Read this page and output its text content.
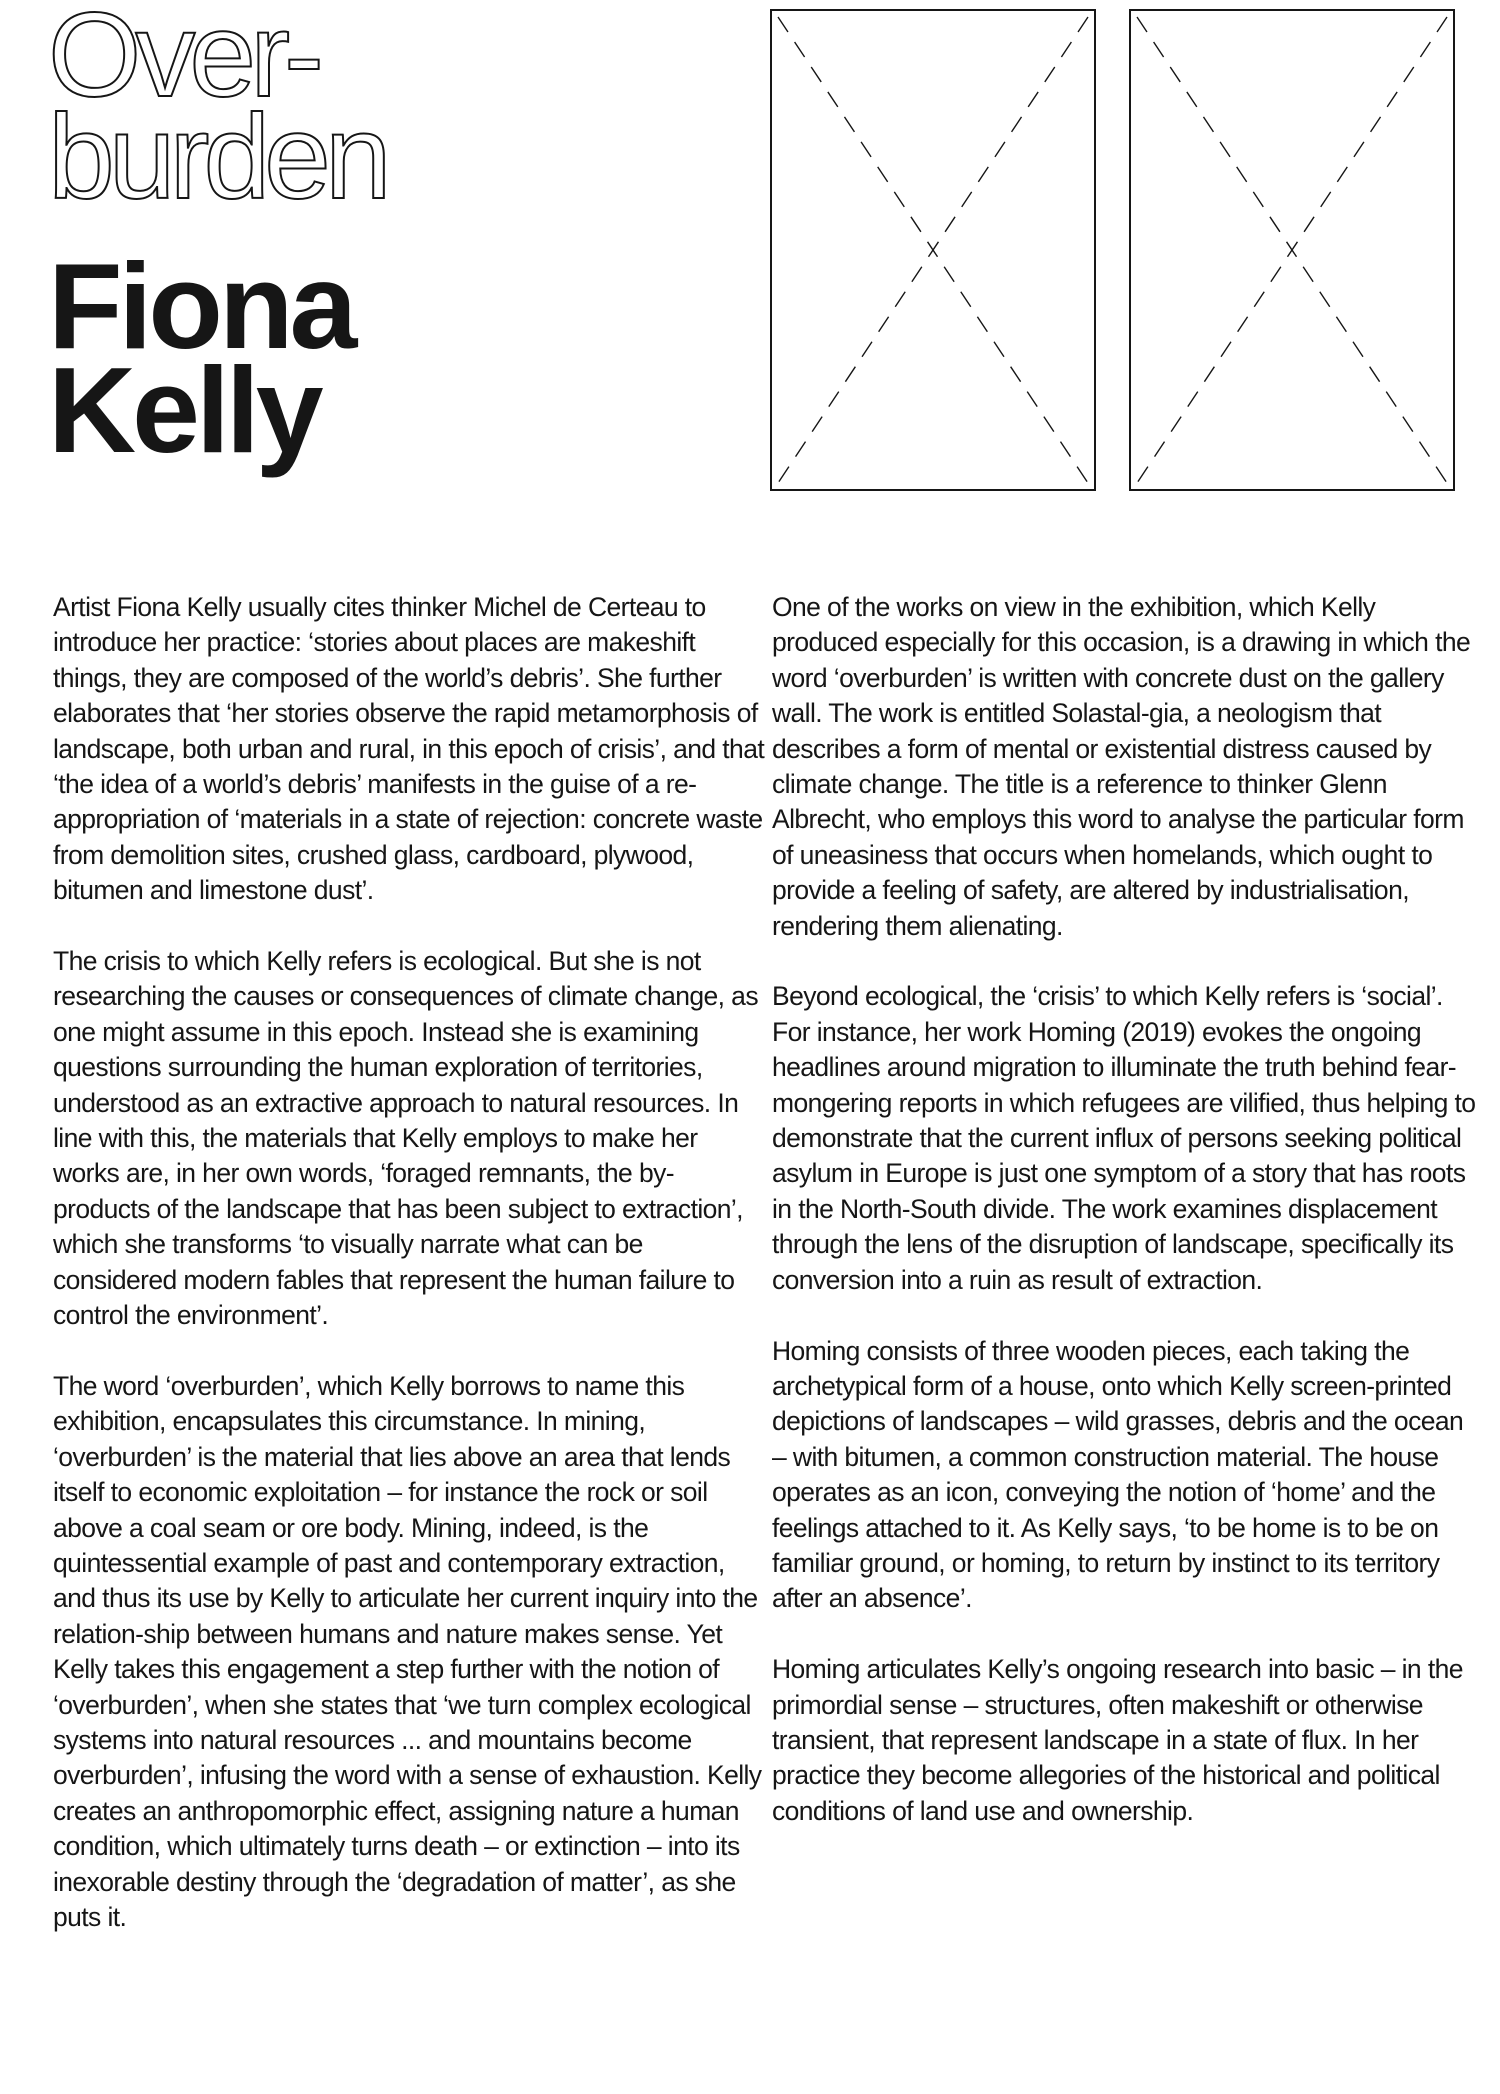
Over-
burden
Fiona
Kelly

Artist Fiona Kelly usually cites thinker Michel de Certeau to introduce her practice: ‘stories about places are makeshift things, they are composed of the world’s debris’. She further elaborates that ‘her stories observe the rapid metamorphosis of landscape, both urban and rural, in this epoch of crisis’, and that ‘the idea of a world’s debris’ manifests in the guise of a re-appropriation of ‘materials in a state of rejection: concrete waste from demolition sites, crushed glass, cardboard, plywood, bitumen and limestone dust’.

The crisis to which Kelly refers is ecological. But she is not researching the causes or consequences of climate change, as one might assume in this epoch. Instead she is examining questions surrounding the human exploration of territories, understood as an extractive approach to natural resources. In line with this, the materials that Kelly employs to make her works are, in her own words, ‘foraged remnants, the by-products of the landscape that has been subject to extraction’, which she transforms ‘to visually narrate what can be considered modern fables that represent the human failure to control the environment’.

The word ‘overburden’, which Kelly borrows to name this exhibition, encapsulates this circumstance. In mining, ‘overburden’ is the material that lies above an area that lends itself to economic exploitation – for instance the rock or soil above a coal seam or ore body. Mining, indeed, is the quintessential example of past and contemporary extraction, and thus its use by Kelly to articulate her current inquiry into the relation-ship between humans and nature makes sense. Yet Kelly takes this engagement a step further with the notion of ‘overburden’, when she states that ‘we turn complex ecological systems into natural resources ... and mountains become overburden’, infusing the word with a sense of exhaustion. Kelly creates an anthropomorphic effect, assigning nature a human condition, which ultimately turns death – or extinction – into its inexorable destiny through the ‘degradation of matter’, as she puts it.

One of the works on view in the exhibition, which Kelly produced especially for this occasion, is a drawing in which the word ‘overburden’ is written with concrete dust on the gallery wall. The work is entitled Solastal-gia, a neologism that describes a form of mental or existential distress caused by climate change. The title is a reference to thinker Glenn Albrecht, who employs this word to analyse the particular form of uneasiness that occurs when homelands, which ought to provide a feeling of safety, are altered by industrialisation, rendering them alienating.

Beyond ecological, the ‘crisis’ to which Kelly refers is ‘social’. For instance, her work Homing (2019) evokes the ongoing headlines around migration to illuminate the truth behind fear-mongering reports in which refugees are vilified, thus helping to demonstrate that the current influx of persons seeking political asylum in Europe is just one symptom of a story that has roots in the North-South divide. The work examines displacement through the lens of the disruption of landscape, specifically its conversion into a ruin as result of extraction.

Homing consists of three wooden pieces, each taking the archetypical form of a house, onto which Kelly screen-printed depictions of landscapes – wild grasses, debris and the ocean – with bitumen, a common construction material. The house operates as an icon, conveying the notion of ‘home’ and the feelings attached to it. As Kelly says, ‘to be home is to be on familiar ground, or homing, to return by instinct to its territory after an absence’.

Homing articulates Kelly’s ongoing research into basic – in the primordial sense – structures, often makeshift or otherwise transient, that represent landscape in a state of flux. In her practice they become allegories of the historical and political conditions of land use and ownership.
